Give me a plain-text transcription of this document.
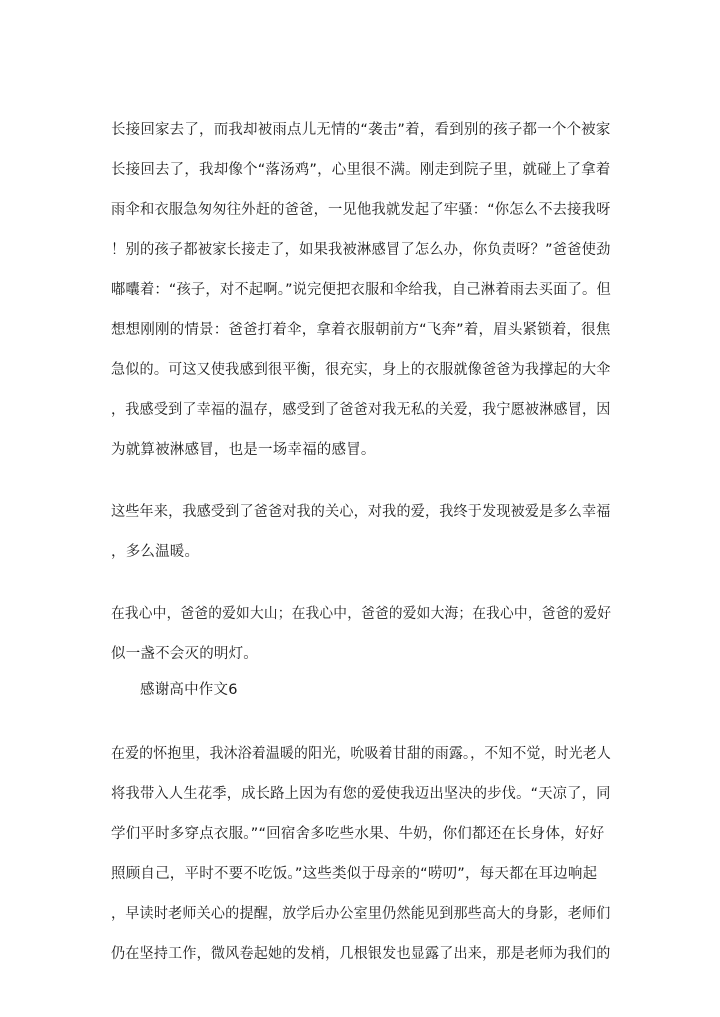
长接回家去了，而我却被雨点儿无情的“袭击”着，看到别的孩子都一个个被家
长接回去了，我却像个“落汤鸡”，心里很不满。刚走到院子里，就碰上了拿着
雨伞和衣服急匆匆往外赶的爸爸，一见他我就发起了牢骚：“你怎么不去接我呀
！别的孩子都被家长接走了，如果我被淋感冒了怎么办，你负责呀？”爸爸使劲
嘟囔着：“孩子，对不起啊。”说完便把衣服和伞给我，自己淋着雨去买面了。但
想想刚刚的情景：爸爸打着伞，拿着衣服朝前方“飞奔”着，眉头紧锁着，很焦
急似的。可这又使我感到很平衡，很充实，身上的衣服就像爸爸为我撑起的大伞
，我感受到了幸福的温存，感受到了爸爸对我无私的关爱，我宁愿被淋感冒，因
为就算被淋感冒，也是一场幸福的感冒。
这些年来，我感受到了爸爸对我的关心，对我的爱，我终于发现被爱是多么幸福
，多么温暖。
在我心中，爸爸的爱如大山；在我心中，爸爸的爱如大海；在我心中，爸爸的爱好
似一盏不会灭的明灯。
感谢高中作文6
在爱的怀抱里，我沐浴着温暖的阳光，吮吸着甘甜的雨露。，不知不觉，时光老人
将我带入人生花季，成长路上因为有您的爱使我迈出坚决的步伐。“天凉了，同
学们平时多穿点衣服。”“回宿舍多吃些水果、牛奶，你们都还在长身体，好好
照顾自己，平时不要不吃饭。”这些类似于母亲的“唠叨”，每天都在耳边响起
，早读时老师关心的提醒，放学后办公室里仍然能见到那些高大的身影，老师们
仍在坚持工作，微风卷起她的发梢，几根银发也显露了出来，那是老师为我们的
